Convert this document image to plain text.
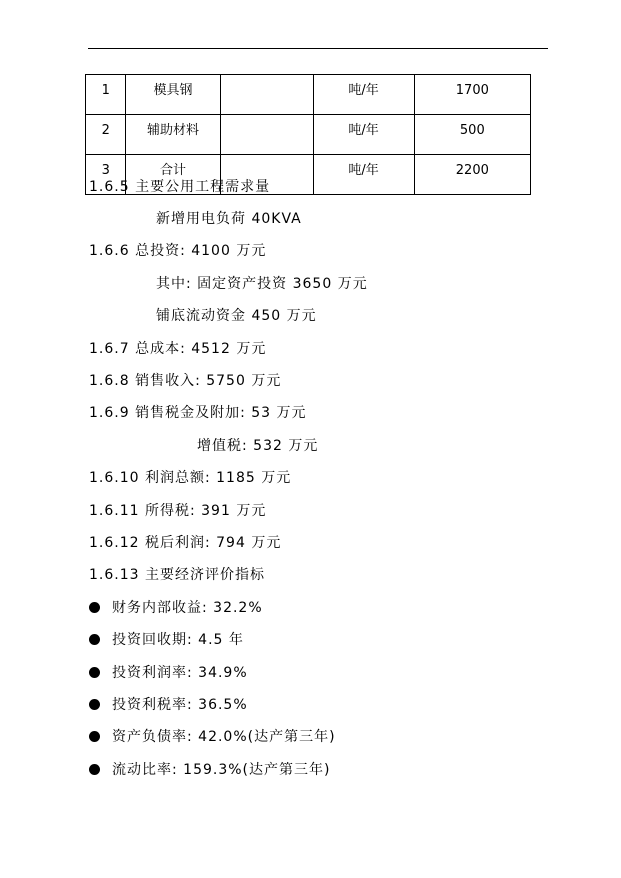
1	模具钢		吨/年	1700
2	辅助材料		吨/年	500
3	合计		吨/年	2200
1.6.5 主要公用工程需求量
新增用电负荷 40KVA
1.6.6 总投资: 4100 万元
其中: 固定资产投资 3650 万元
铺底流动资金 450 万元
1.6.7 总成本: 4512 万元
1.6.8 销售收入: 5750 万元
1.6.9 销售税金及附加: 53 万元
增值税: 532 万元
1.6.10 利润总额: 1185 万元
1.6.11 所得税: 391 万元
1.6.12 税后利润: 794 万元
1.6.13 主要经济评价指标
财务内部收益: 32.2%
投资回收期: 4.5 年
投资利润率: 34.9%
投资利税率: 36.5%
资产负债率: 42.0%(达产第三年)
流动比率: 159.3%(达产第三年)
